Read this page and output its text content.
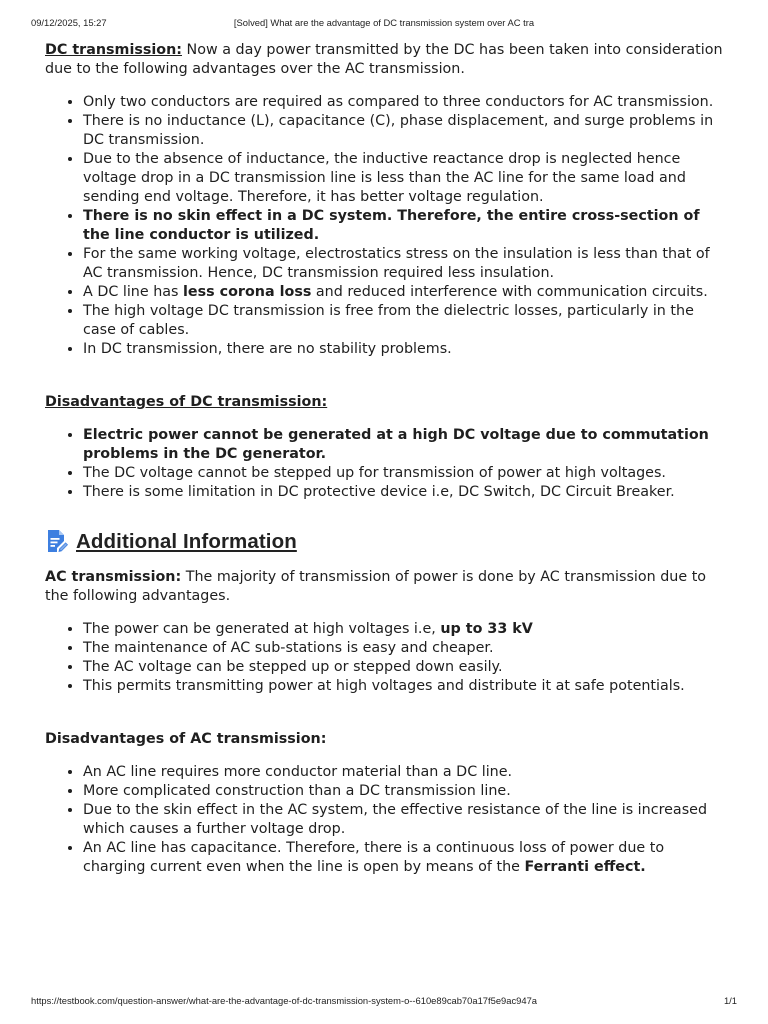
09/12/2025, 15:27	[Solved] What are the advantage of DC transmission system over AC tra

DC transmission: Now a day power transmitted by the DC has been taken into consideration due to the following advantages over the AC transmission.

• Only two conductors are required as compared to three conductors for AC transmission.
• There is no inductance (L), capacitance (C), phase displacement, and surge problems in DC transmission.
• Due to the absence of inductance, the inductive reactance drop is neglected hence voltage drop in a DC transmission line is less than the AC line for the same load and sending end voltage. Therefore, it has better voltage regulation.
• There is no skin effect in a DC system. Therefore, the entire cross-section of the line conductor is utilized.
• For the same working voltage, electrostatics stress on the insulation is less than that of AC transmission. Hence, DC transmission required less insulation.
• A DC line has less corona loss and reduced interference with communication circuits.
• The high voltage DC transmission is free from the dielectric losses, particularly in the case of cables.
• In DC transmission, there are no stability problems.

Disadvantages of DC transmission:

• Electric power cannot be generated at a high DC voltage due to commutation problems in the DC generator.
• The DC voltage cannot be stepped up for transmission of power at high voltages.
• There is some limitation in DC protective device i.e, DC Switch, DC Circuit Breaker.
Additional Information

AC transmission: The majority of transmission of power is done by AC transmission due to the following advantages.

• The power can be generated at high voltages i.e, up to 33 kV
• The maintenance of AC sub-stations is easy and cheaper.
• The AC voltage can be stepped up or stepped down easily.
• This permits transmitting power at high voltages and distribute it at safe potentials.

Disadvantages of AC transmission:

• An AC line requires more conductor material than a DC line.
• More complicated construction than a DC transmission line.
• Due to the skin effect in the AC system, the effective resistance of the line is increased which causes a further voltage drop.
• An AC line has capacitance. Therefore, there is a continuous loss of power due to charging current even when the line is open by means of the Ferranti effect.
https://testbook.com/question-answer/what-are-the-advantage-of-dc-transmission-system-o--610e89cab70a17f5e9ac947a	1/1
